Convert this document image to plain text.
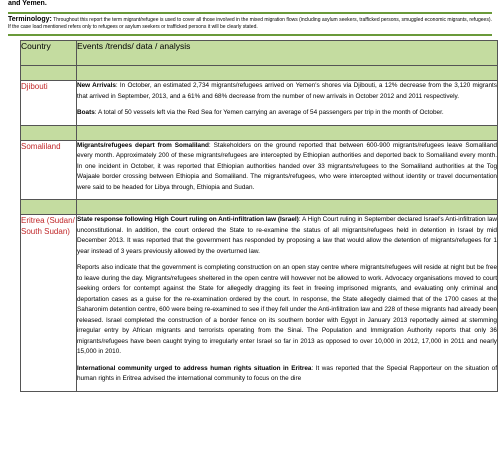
and Yemen.
Terminology: Throughout this report the term migrant/refugee is used to cover all those involved in the mixed migration flows (including asylum seekers, trafficked persons, smuggled economic migrants, refugees). If the case load mentioned refers only to refugees or asylum seekers or trafficked persons it will be clearly stated.
Country	Events /trends/ data / analysis

Djibouti	New Arrivals: In October, an estimated 2,734 migrants/refugees arrived on Yemen's shores via Djibouti, a 12% decrease from the 3,120 migrants that arrived in September, 2013, and a 61% and 68% decrease from the number of new arrivals in October 2012 and 2011 respectively.

Boats: A total of 50 vessels left via the Red Sea for Yemen carrying an average of 54 passengers per trip in the month of October.

Somaliland	Migrants/refugees depart from Somaliland: Stakeholders on the ground reported that between 600-900 migrants/refugees leave Somaliland every month. Approximately 200 of these migrants/refugees are intercepted by Ethiopian authorities and deported back to Somaliland every month. In one incident in October, it was reported that Ethiopian authorities handed over 33 migrants/refugees to the Somaliland authorities at the Tog Wajaale border crossing between Ethiopia and Somaliland. The migrants/refugees, who were intercepted without identity or travel documentation were said to be headed for Libya through, Ethiopia and Sudan.

Eritrea (Sudan/ South Sudan)	State response following High Court ruling on Anti-infiltration law (Israel): A High Court ruling in September declared Israel's Anti-infiltration law unconstitutional. In addition, the court ordered the State to re-examine the status of all migrants/refugees held in detention in Israel by mid December 2013. It was reported that the government has responded by proposing a law that would allow the detention of migrants/refugees for 1 year instead of 3 years previously allowed by the overturned law.

Reports also indicate that the government is completing construction on an open stay centre where migrants/refugees will reside at night but be free to leave during the day. Migrants/refugees sheltered in the open centre will however not be allowed to work. Advocacy organisations moved to court seeking orders for contempt against the State for allegedly dragging its feet in freeing imprisoned migrants, and evaluating only criminal and deportation cases as a guise for the re-examination ordered by the court. In response, the State allegedly claimed that of the 1700 cases at the Saharonim detention centre, 600 were being re-examined to see if they fell under the Anti-infiltration law and 228 of these migrants had already been released. Israel completed the construction of a border fence on its southern border with Egypt in January 2013 reportedly aimed at stemming irregular entry by African migrants and terrorists operating from the Sinai. The Population and Immigration Authority reports that only 36 migrants/refugees have been caught trying to irregularly enter Israel so far in 2013 as opposed to over 10,000 in 2012, 17,000 in 2011 and nearly 15,000 in 2010.

International community urged to address human rights situation in Eritrea: It was reported that the Special Rapporteur on the situation of human rights in Eritrea advised the international community to focus on the dire
